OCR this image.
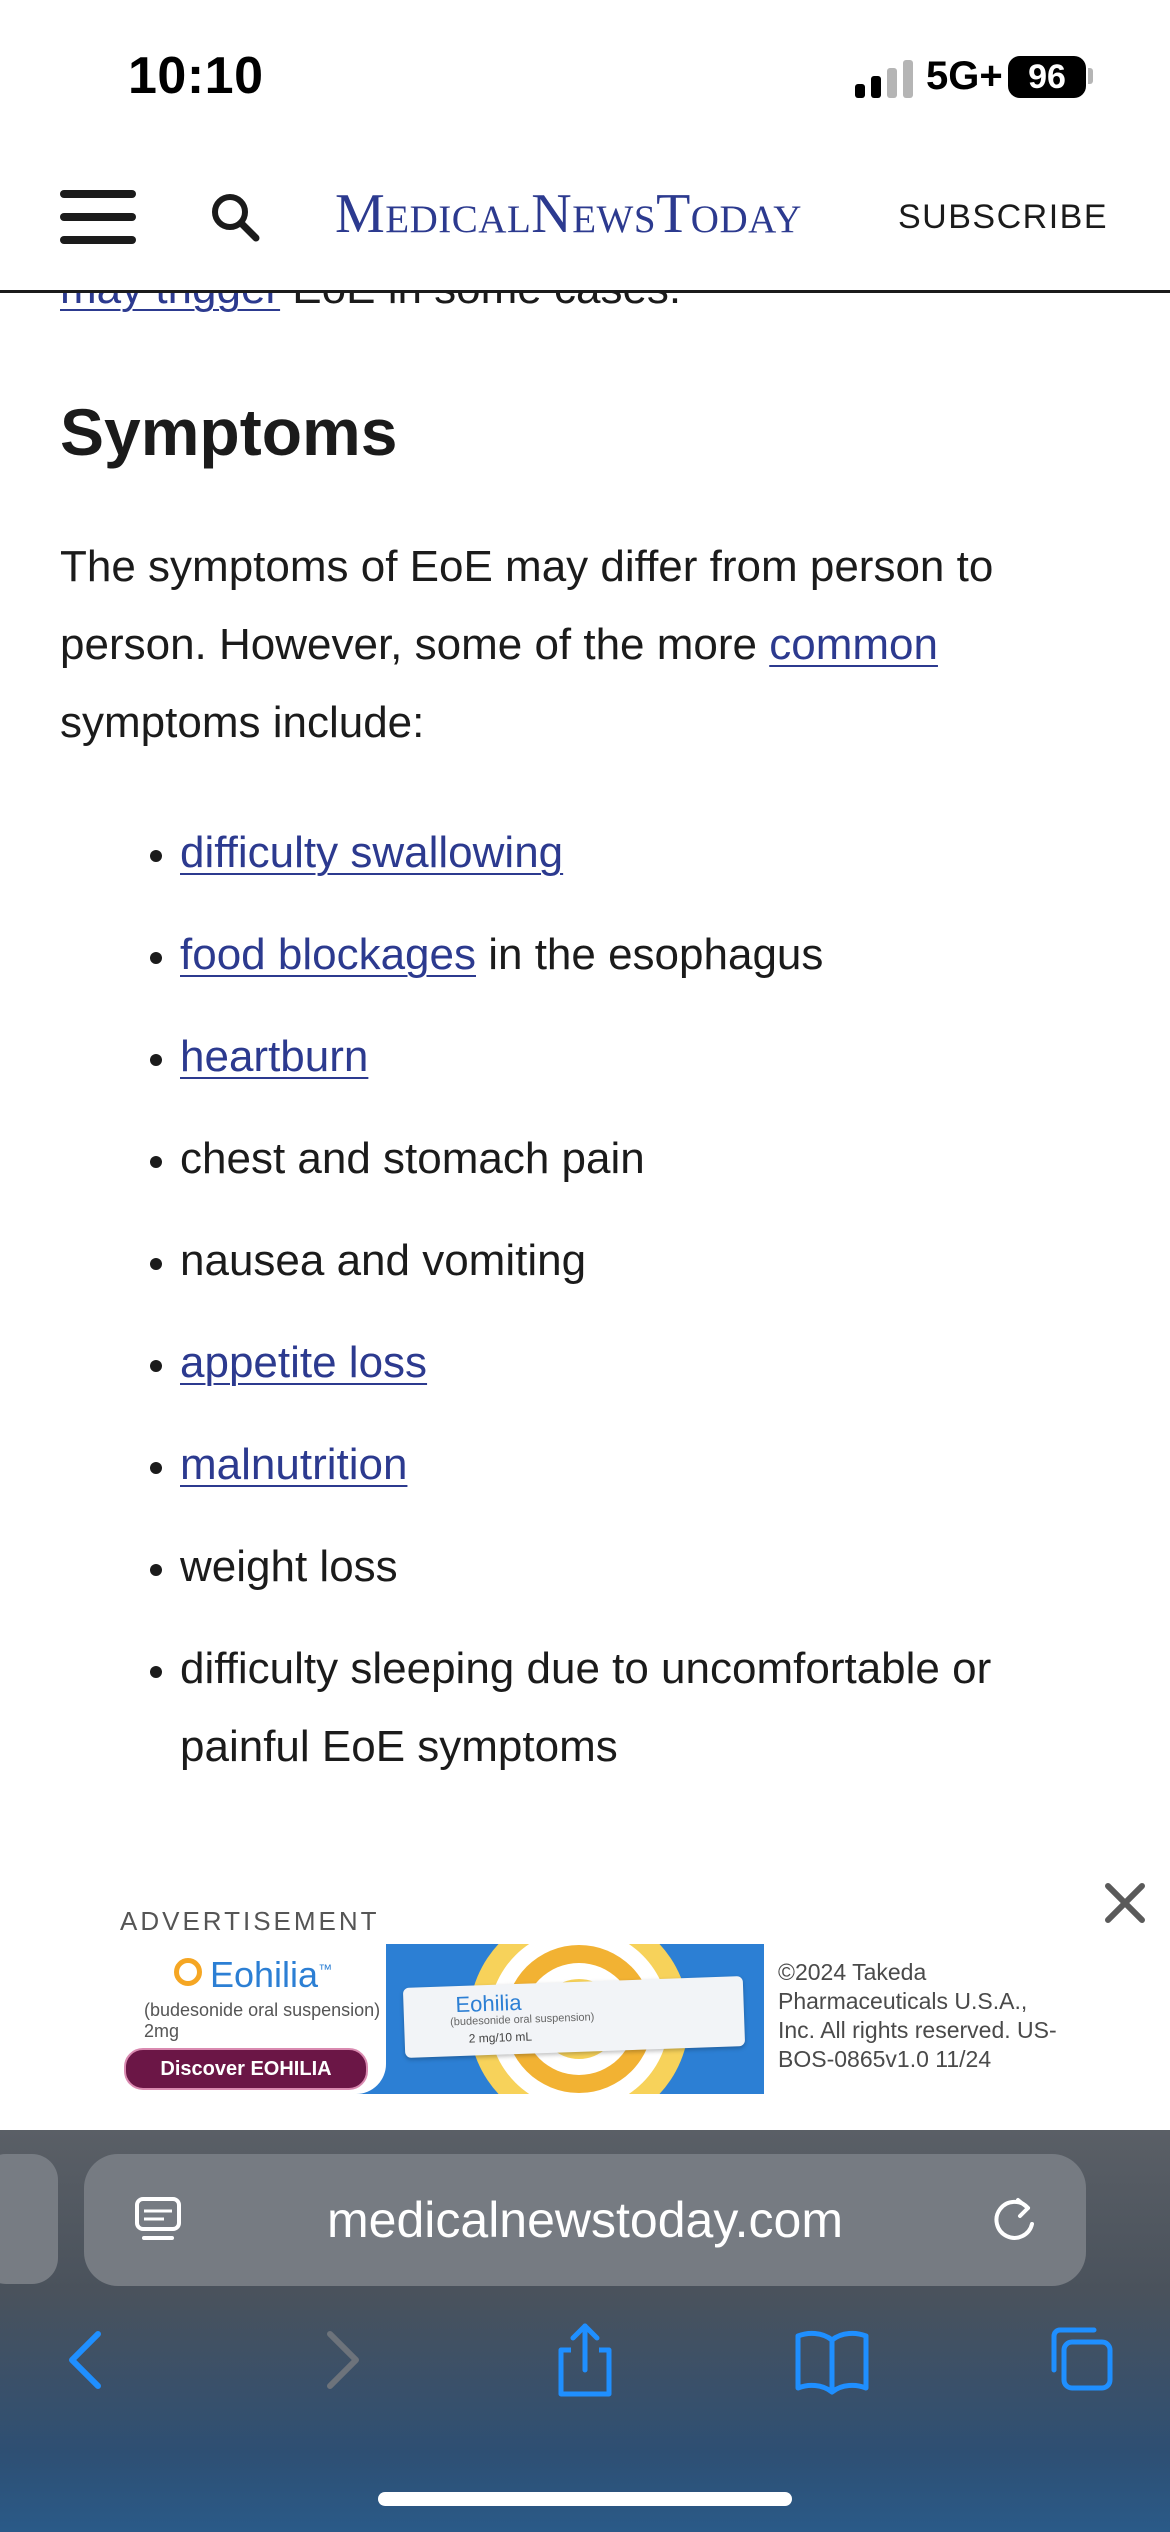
10:10	5G+ 96
MedicalNewsToday	SUBSCRIBE

Symptoms

The symptoms of EoE may differ from person to person. However, some of the more common symptoms include:

• difficulty swallowing
• food blockages in the esophagus
• heartburn
• chest and stomach pain
• nausea and vomiting
• appetite loss
• malnutrition
• weight loss
• difficulty sleeping due to uncomfortable or painful EoE symptoms
ADVERTISEMENT
Eohilia™
(budesonide oral suspension) 2mg
Discover EOHILIA
Eohilia
(budesonide oral suspension)
2 mg/10 mL
©2024 Takeda Pharmaceuticals U.S.A., Inc. All rights reserved. US-BOS-0865v1.0 11/24
medicalnewstoday.com
